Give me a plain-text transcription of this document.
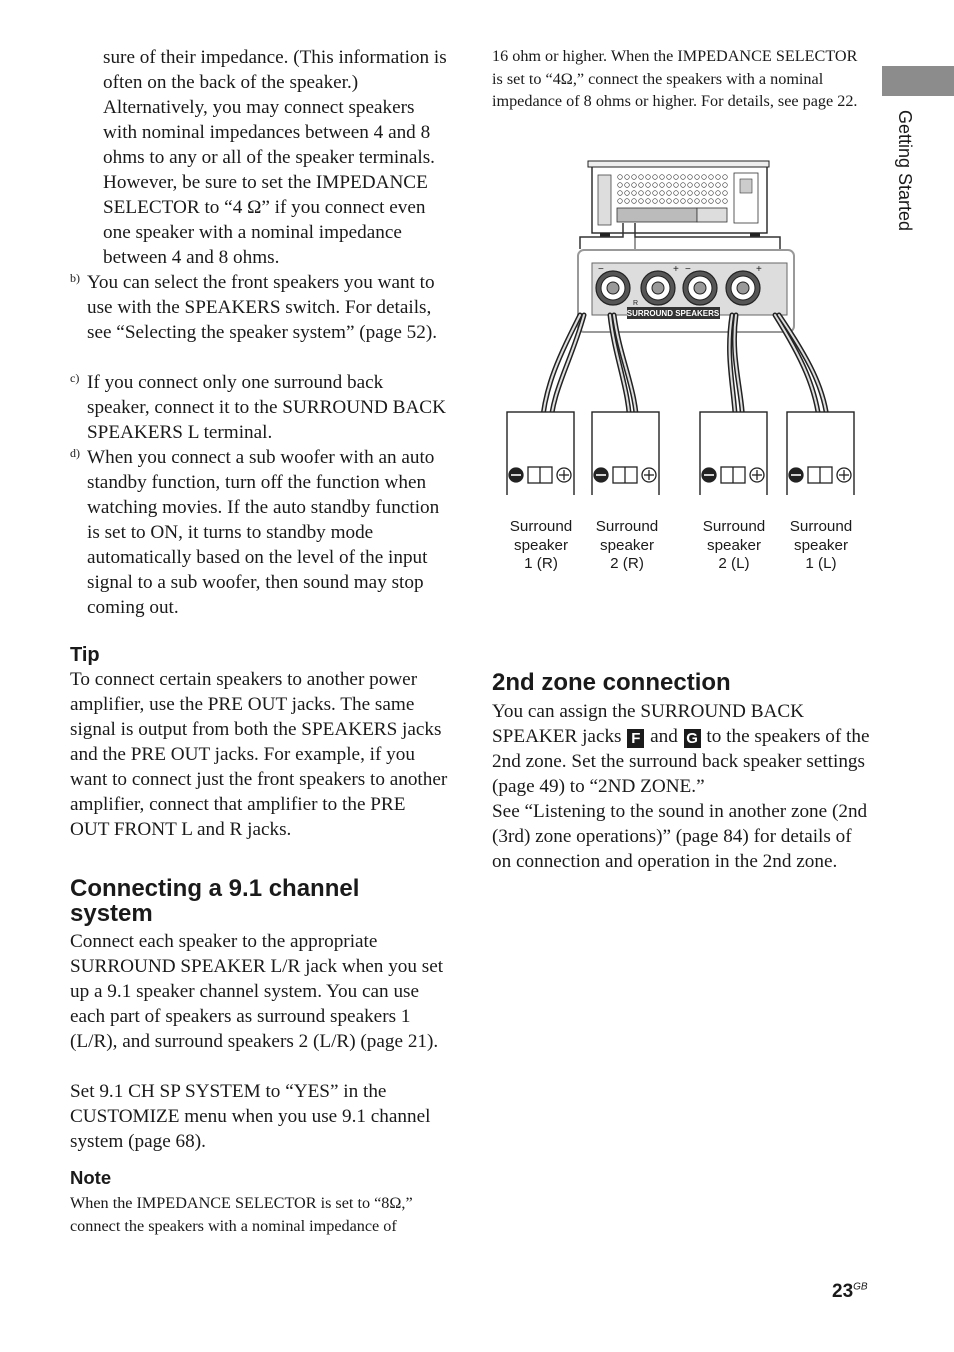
sure of their impedance. (This information is often on the back of the speaker.) Alternatively, you may connect speakers with nominal impedances between 4 and 8 ohms to any or all of the speaker terminals. However, be sure to set the IMPEDANCE SELECTOR to “4 Ω” if you connect even one speaker with a nominal impedance between 4 and 8 ohms.

b) You can select the front speakers you want to use with the SPEAKERS switch. For details, see “Selecting the speaker system” (page 52).
c) If you connect only one surround back speaker, connect it to the SURROUND BACK SPEAKERS L terminal.
d) When you connect a sub woofer with an auto standby function, turn off the function when watching movies. If the auto standby function is set to ON, it turns to standby mode automatically based on the level of the input signal to a sub woofer, then sound may stop coming out.
Tip

To connect certain speakers to another power amplifier, use the PRE OUT jacks. The same signal is output from both the SPEAKERS jacks and the PRE OUT jacks. For example, if you want to connect just the front speakers to another amplifier, connect that amplifier to the PRE OUT FRONT L and R jacks.

Connecting a 9.1 channel system

Connect each speaker to the appropriate SURROUND SPEAKER L/R jack when you set up a 9.1 speaker channel system. You can use each part of speakers as surround speakers 1 (L/R), and surround speakers 2 (L/R) (page 21).

Set 9.1 CH SP SYSTEM to “YES” in the CUSTOMIZE menu when you use 9.1 channel system (page 68).

Note

When the IMPEDANCE SELECTOR is set to “8Ω,” connect the speakers with a nominal impedance of

16 ohm or higher. When the IMPEDANCE SELECTOR is set to “4Ω,” connect the speakers with a nominal impedance of 8 ohms or higher. For details, see page 22.

−	+ −	+
R
SURROUND SPEAKERS
Surround
speaker
1 (R)
Surround
speaker
2 (R)
Surround
speaker
2 (L)
Surround
speaker
1 (L)
2nd zone connection

You can assign the SURROUND BACK SPEAKER jacks F and G to the speakers of the 2nd zone. Set the surround back speaker settings (page 49) to “2ND ZONE.”

See “Listening to the sound in another zone (2nd (3rd) zone operations)” (page 84) for details of on connection and operation in the 2nd zone.

Getting Started
$23^{GB}$
